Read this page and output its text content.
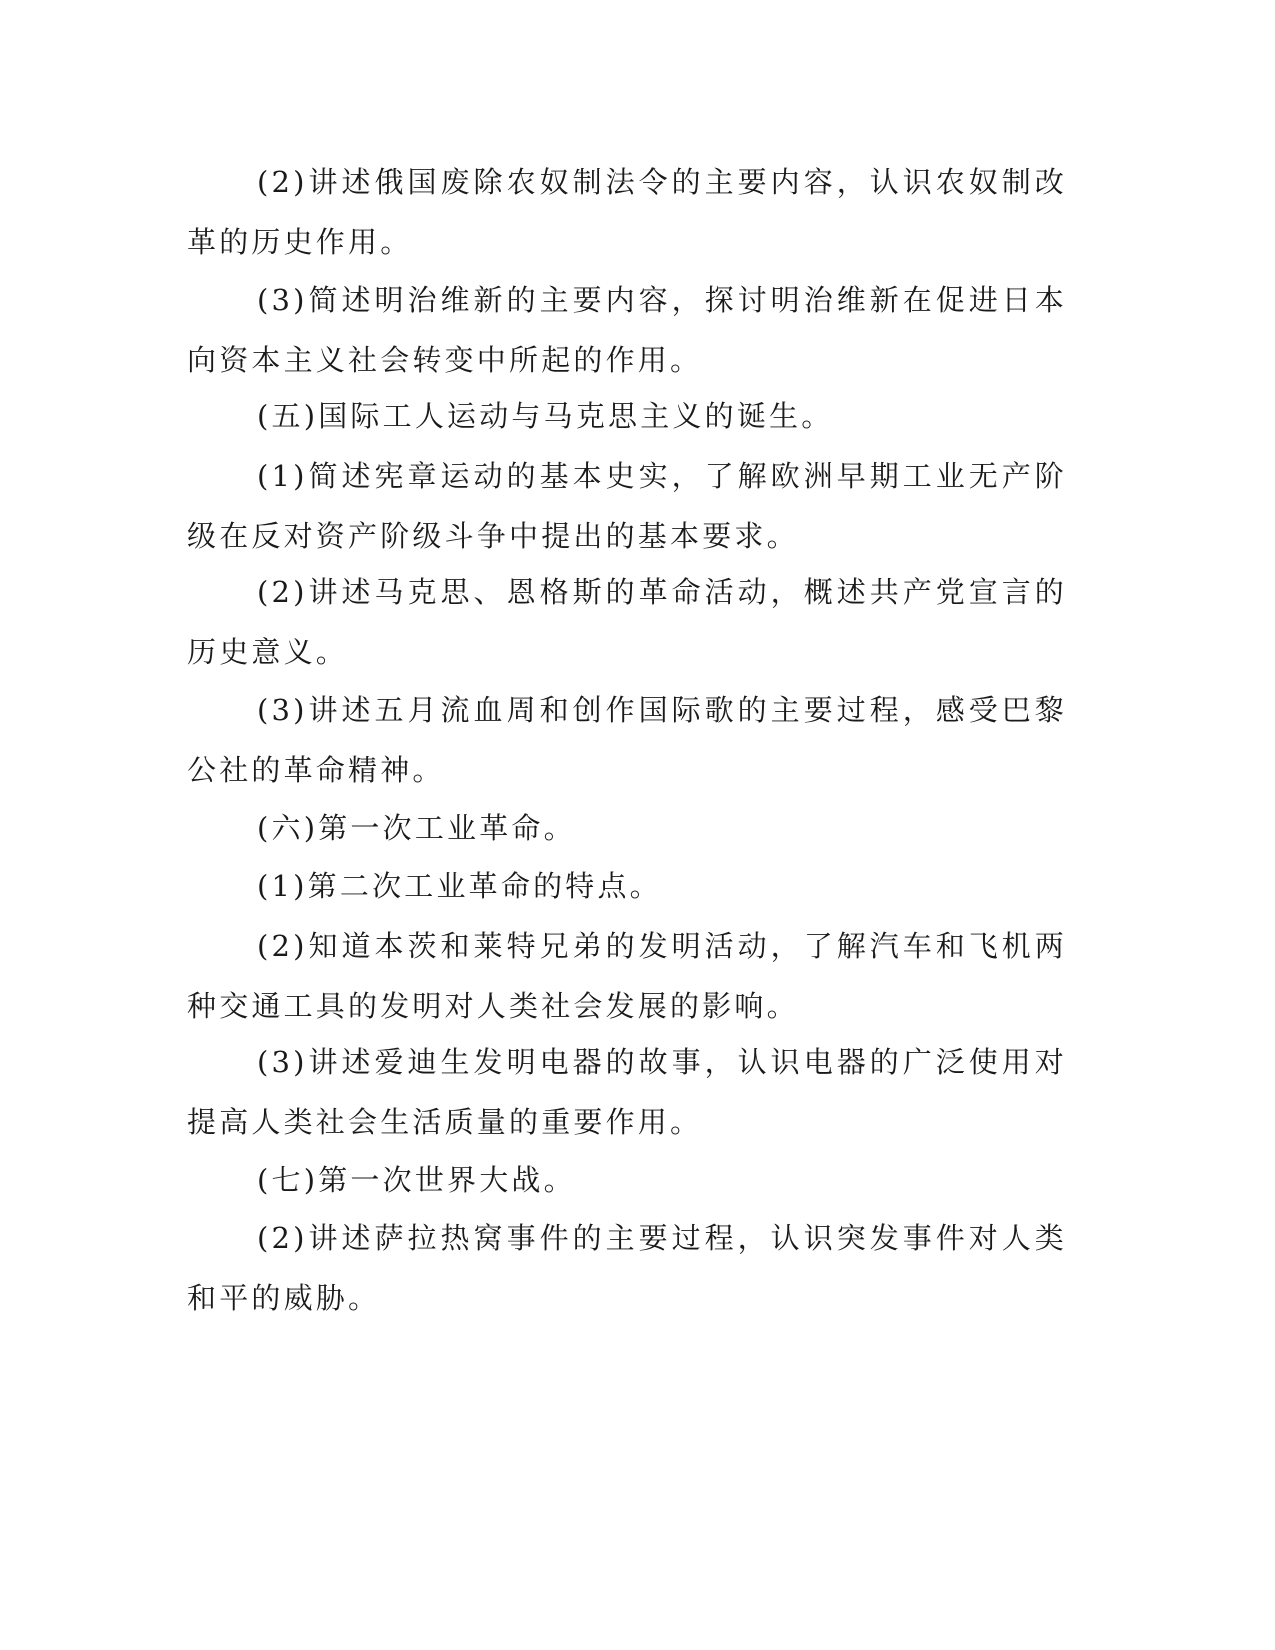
(2)讲述俄国废除农奴制法令的主要内容，认识农奴制改革的历史作用。

(3)简述明治维新的主要内容，探讨明治维新在促进日本向资本主义社会转变中所起的作用。

(五)国际工人运动与马克思主义的诞生。

(1)简述宪章运动的基本史实，了解欧洲早期工业无产阶级在反对资产阶级斗争中提出的基本要求。

(2)讲述马克思、恩格斯的革命活动，概述共产党宣言的历史意义。

(3)讲述五月流血周和创作国际歌的主要过程，感受巴黎公社的革命精神。

(六)第一次工业革命。

(1)第二次工业革命的特点。

(2)知道本茨和莱特兄弟的发明活动，了解汽车和飞机两种交通工具的发明对人类社会发展的影响。

(3)讲述爱迪生发明电器的故事，认识电器的广泛使用对提高人类社会生活质量的重要作用。

(七)第一次世界大战。

(2)讲述萨拉热窝事件的主要过程，认识突发事件对人类和平的威胁。
